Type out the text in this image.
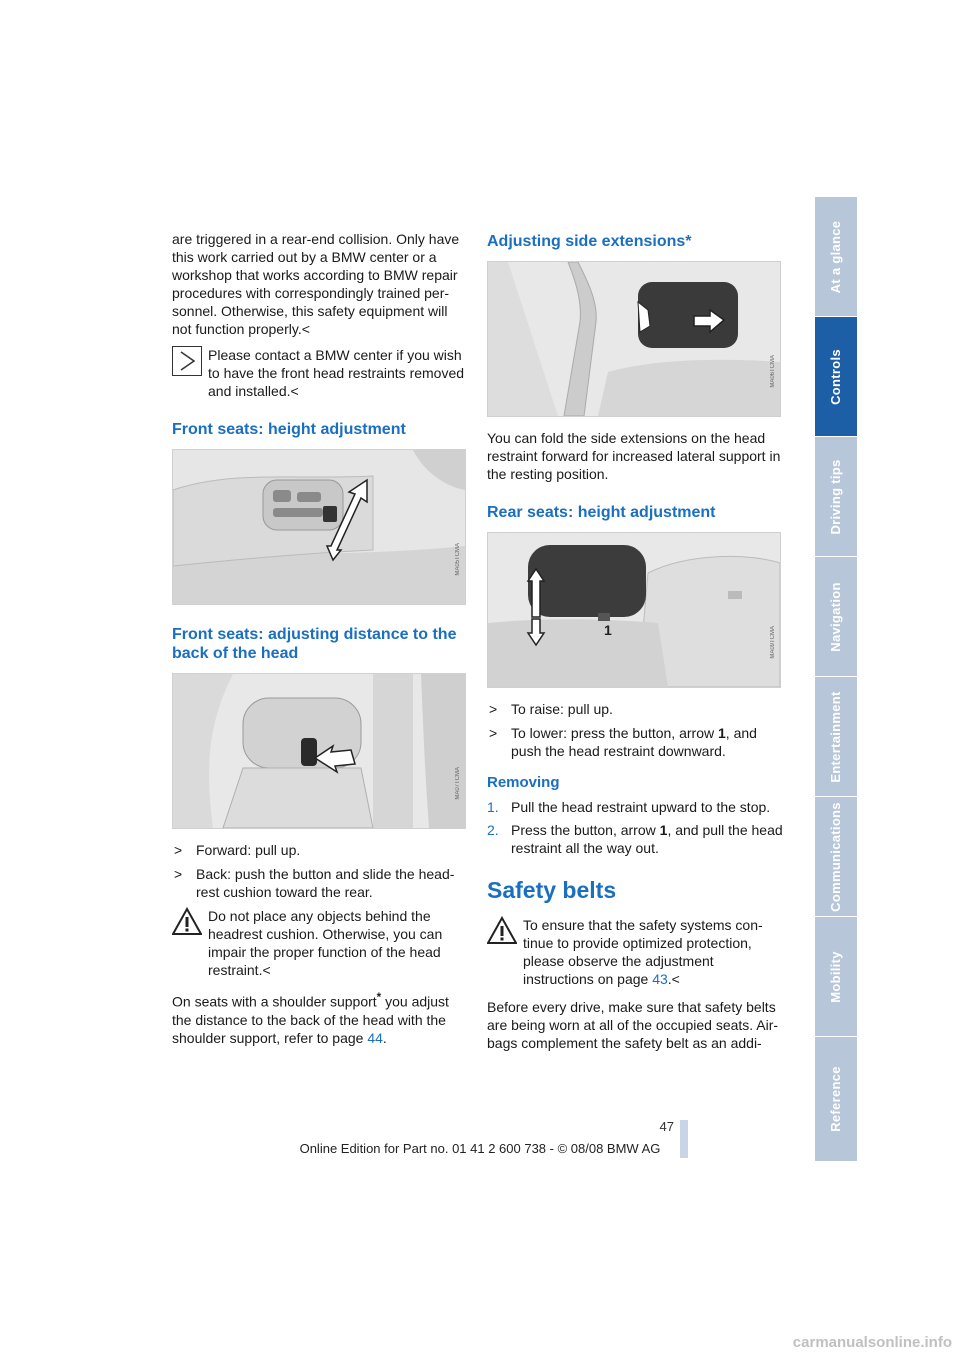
are triggered in a rear-end collision. Only have this work carried out by a BMW center or a workshop that works according to BMW repair procedures with correspondingly trained per-sonnel. Otherwise, this safety equipment will not function properly.<

Please contact a BMW center if you wish to have the front head restraints removed and installed.<
Front seats: height adjustment
MA05TCMA
Front seats: adjusting distance to the back of the head
MA07TCMA
> Forward: pull up.
> Back: push the button and slide the head-rest cushion toward the rear.
Do not place any objects behind the headrest cushion. Otherwise, you can impair the proper function of the head restraint.<

On seats with a shoulder support* you adjust the distance to the back of the head with the shoulder support, refer to page 44.

Adjusting side extensions*
MA06TCMA

You can fold the side extensions on the head restraint forward for increased lateral support in the resting position.

Rear seats: height adjustment
1	MA09TCMA
> To raise: pull up.
> To lower: press the button, arrow 1, and push the head restraint downward.
Removing
1. Pull the head restraint upward to the stop.
2. Press the button, arrow 1, and pull the head restraint all the way out.
Safety belts
To ensure that the safety systems con-tinue to provide optimized protection, please observe the adjustment instructions on page 43.<

Before every drive, make sure that safety belts are being worn at all of the occupied seats. Air-bags complement the safety belt as an addi-

At a glance
Controls
Driving tips
Navigation
Entertainment
Communications
Mobility
Reference
47
Online Edition for Part no. 01 41 2 600 738 - © 08/08 BMW AG
carmanualsonline.info
